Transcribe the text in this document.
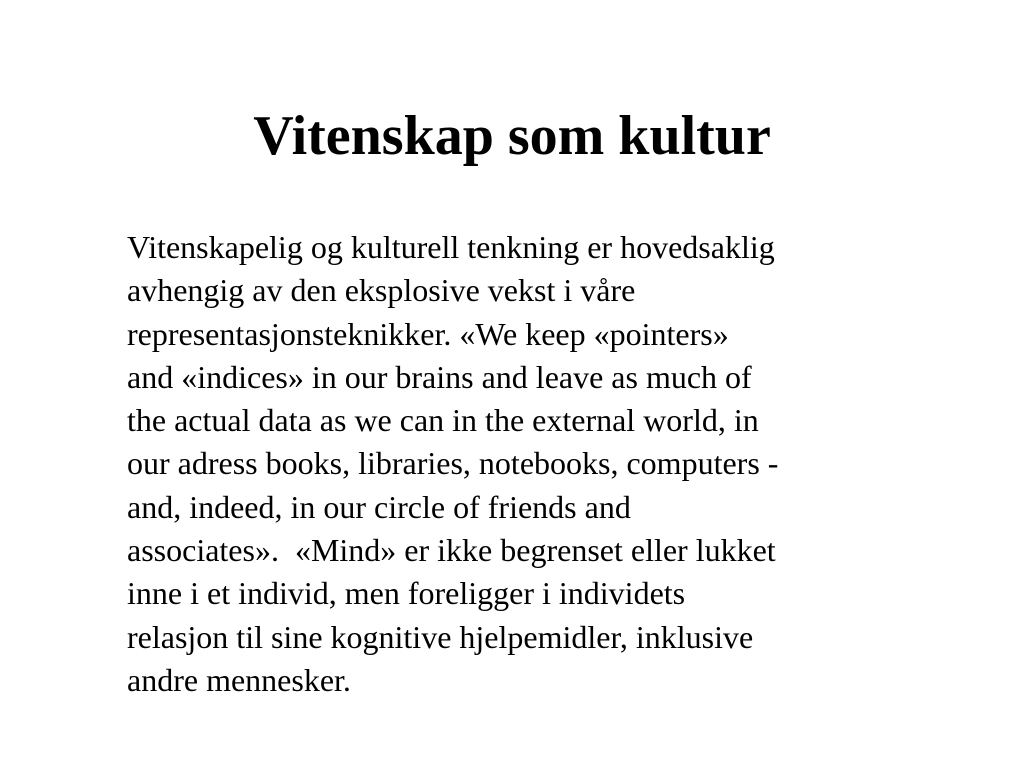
Vitenskap som kultur
Vitenskapelig og kulturell tenkning er hovedsaklig
avhengig av den eksplosive vekst i våre
representasjonsteknikker. «We keep «pointers»
and «indices» in our brains and leave as much of
the actual data as we can in the external world, in
our adress books, libraries, notebooks, computers -
and, indeed, in our circle of friends and
associates».  «Mind» er ikke begrenset eller lukket
inne i et individ, men foreligger i individets
relasjon til sine kognitive hjelpemidler, inklusive
andre mennesker.
